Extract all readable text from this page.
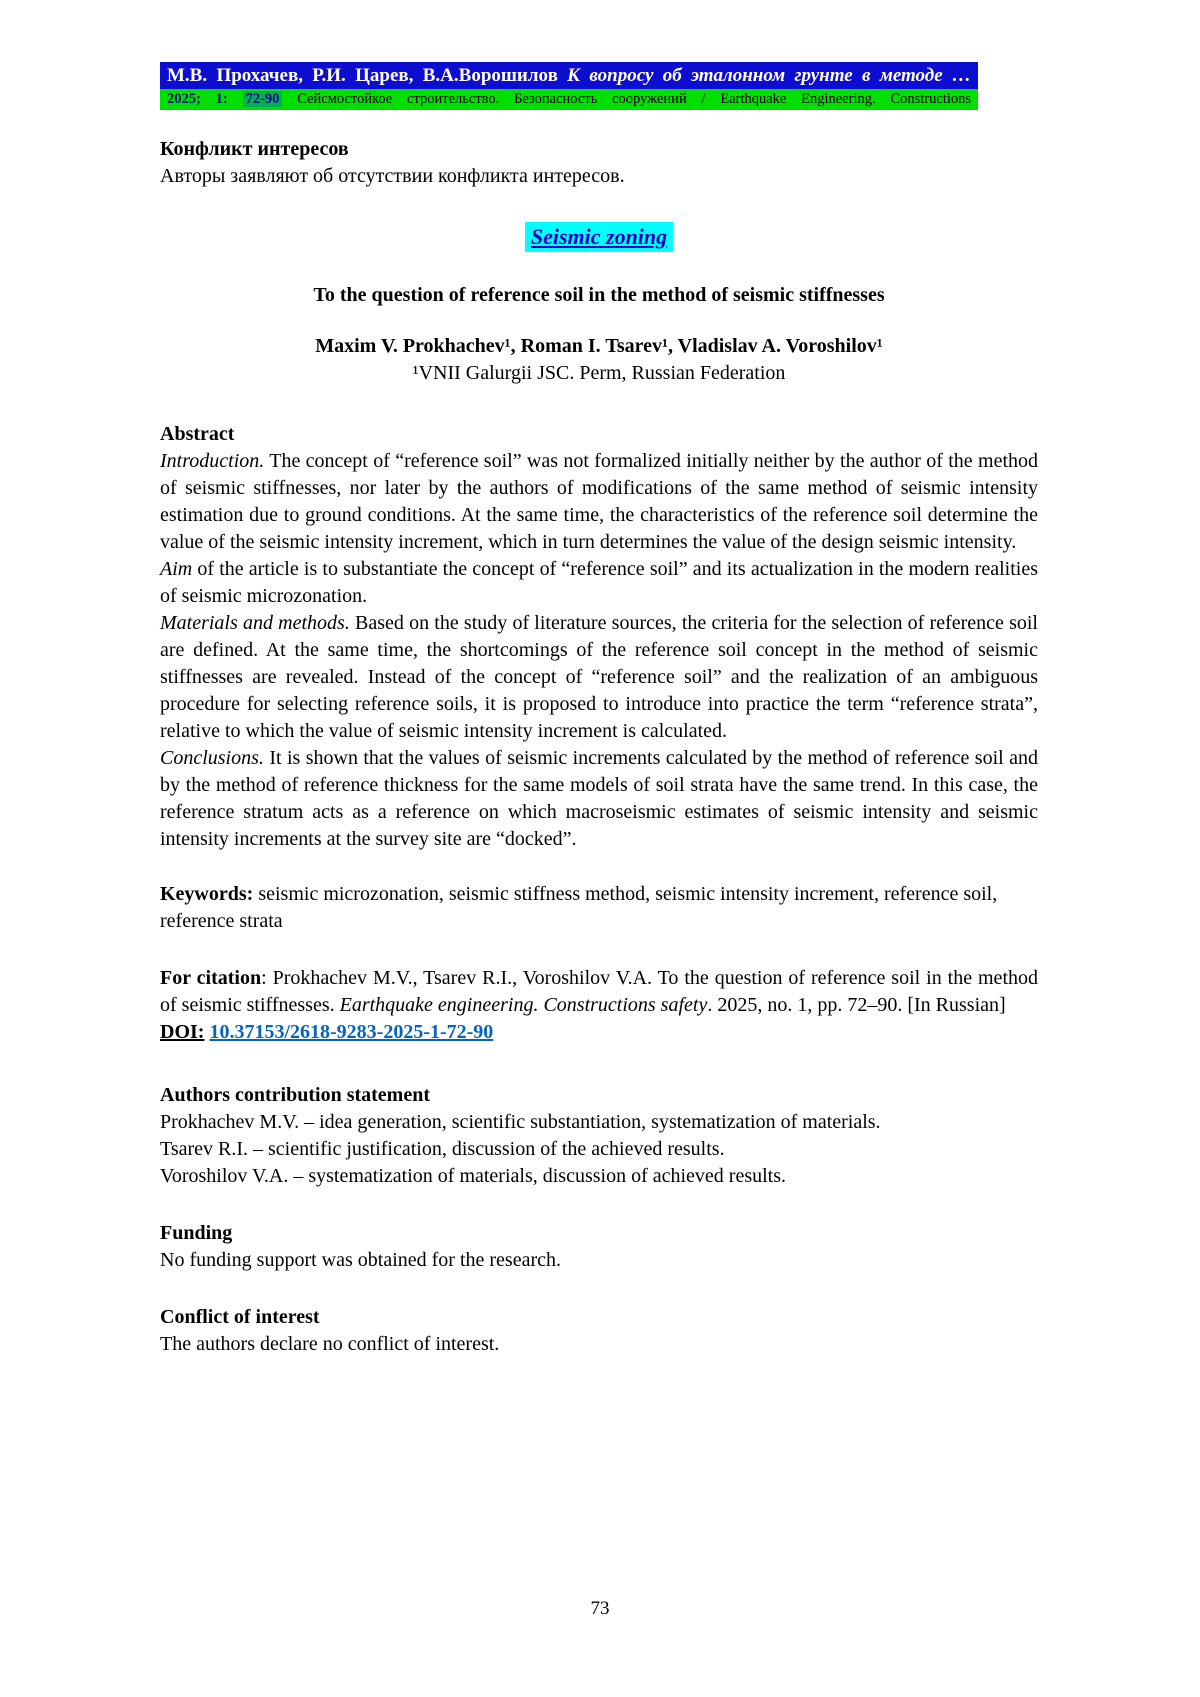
М.В. Прохачев, Р.И. Царев, В.А.Ворошилов К вопросу об эталонном грунте в методе …
2025; 1: 72-90 Сейсмостойкое строительство. Безопасность сооружений / Earthquake Engineering. Constructions
Конфликт интересов
Авторы заявляют об отсутствии конфликта интересов.
Seismic zoning
To the question of reference soil in the method of seismic stiffnesses
Maxim V. Prokhachev¹, Roman I. Tsarev¹, Vladislav A. Voroshilov¹
¹VNII Galurgii JSC. Perm, Russian Federation
Abstract
Introduction. The concept of “reference soil” was not formalized initially neither by the author of the method of seismic stiffnesses, nor later by the authors of modifications of the same method of seismic intensity estimation due to ground conditions. At the same time, the characteristics of the reference soil determine the value of the seismic intensity increment, which in turn determines the value of the design seismic intensity.
Aim of the article is to substantiate the concept of “reference soil” and its actualization in the modern realities of seismic microzonation.
Materials and methods. Based on the study of literature sources, the criteria for the selection of reference soil are defined. At the same time, the shortcomings of the reference soil concept in the method of seismic stiffnesses are revealed. Instead of the concept of “reference soil” and the realization of an ambiguous procedure for selecting reference soils, it is proposed to introduce into practice the term “reference strata”, relative to which the value of seismic intensity increment is calculated.
Conclusions. It is shown that the values of seismic increments calculated by the method of reference soil and by the method of reference thickness for the same models of soil strata have the same trend. In this case, the reference stratum acts as a reference on which macroseismic estimates of seismic intensity and seismic intensity increments at the survey site are “docked”.
Keywords: seismic microzonation, seismic stiffness method, seismic intensity increment, reference soil, reference strata
For citation: Prokhachev M.V., Tsarev R.I., Voroshilov V.A. To the question of reference soil in the method of seismic stiffnesses. Earthquake engineering. Constructions safety. 2025, no. 1, pp. 72–90. [In Russian]
DOI: 10.37153/2618-9283-2025-1-72-90
Authors contribution statement
Prokhachev M.V. – idea generation, scientific substantiation, systematization of materials.
Tsarev R.I. – scientific justification, discussion of the achieved results.
Voroshilov V.A. – systematization of materials, discussion of achieved results.
Funding
No funding support was obtained for the research.
Conflict of interest
The authors declare no conflict of interest.
73
